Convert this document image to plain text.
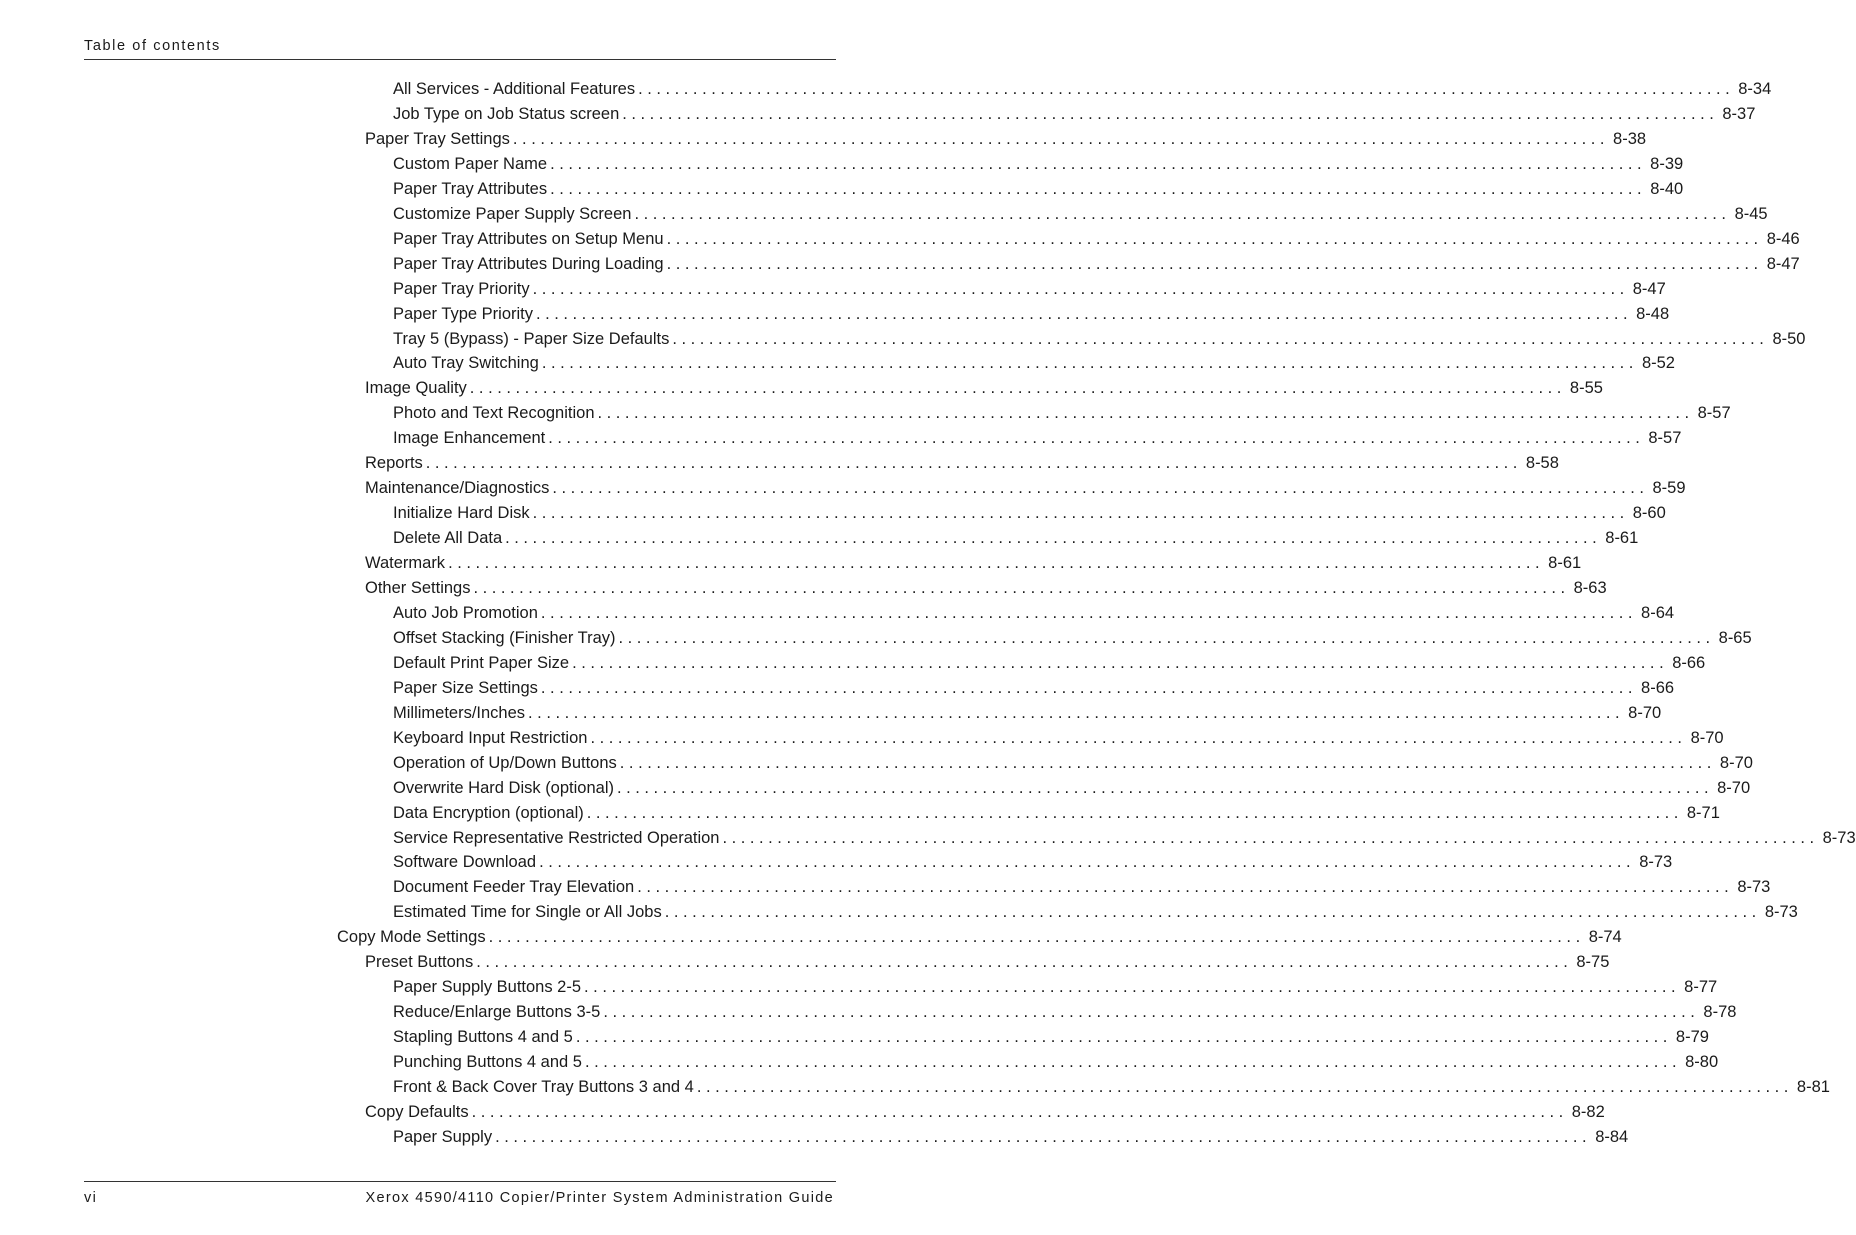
Table of contents
All Services - Additional Features ........................................................................................................................ 8-34
Job Type on Job Status screen ........................................................................................................................ 8-37
Paper Tray Settings ........................................................................................................................ 8-38
Custom Paper Name ........................................................................................................................ 8-39
Paper Tray Attributes ........................................................................................................................ 8-40
Customize Paper Supply Screen ........................................................................................................................ 8-45
Paper Tray Attributes on Setup Menu ........................................................................................................................ 8-46
Paper Tray Attributes During Loading ........................................................................................................................ 8-47
Paper Tray Priority ........................................................................................................................ 8-47
Paper Type Priority ........................................................................................................................ 8-48
Tray 5 (Bypass) - Paper Size Defaults ........................................................................................................................ 8-50
Auto Tray Switching ........................................................................................................................ 8-52
Image Quality ........................................................................................................................ 8-55
Photo and Text Recognition ........................................................................................................................ 8-57
Image Enhancement ........................................................................................................................ 8-57
Reports ........................................................................................................................ 8-58
Maintenance/Diagnostics ........................................................................................................................ 8-59
Initialize Hard Disk ........................................................................................................................ 8-60
Delete All Data ........................................................................................................................ 8-61
Watermark ........................................................................................................................ 8-61
Other Settings ........................................................................................................................ 8-63
Auto Job Promotion ........................................................................................................................ 8-64
Offset Stacking (Finisher Tray) ........................................................................................................................ 8-65
Default Print Paper Size ........................................................................................................................ 8-66
Paper Size Settings ........................................................................................................................ 8-66
Millimeters/Inches ........................................................................................................................ 8-70
Keyboard Input Restriction ........................................................................................................................ 8-70
Operation of Up/Down Buttons ........................................................................................................................ 8-70
Overwrite Hard Disk (optional) ........................................................................................................................ 8-70
Data Encryption (optional) ........................................................................................................................ 8-71
Service Representative Restricted Operation ........................................................................................................................ 8-73
Software Download ........................................................................................................................ 8-73
Document Feeder Tray Elevation ........................................................................................................................ 8-73
Estimated Time for Single or All Jobs ........................................................................................................................ 8-73
Copy Mode Settings ........................................................................................................................ 8-74
Preset Buttons ........................................................................................................................ 8-75
Paper Supply Buttons 2-5 ........................................................................................................................ 8-77
Reduce/Enlarge Buttons 3-5 ........................................................................................................................ 8-78
Stapling Buttons 4 and 5 ........................................................................................................................ 8-79
Punching Buttons 4 and 5 ........................................................................................................................ 8-80
Front & Back Cover Tray Buttons 3 and 4 ........................................................................................................................ 8-81
Copy Defaults ........................................................................................................................ 8-82
Paper Supply ........................................................................................................................ 8-84
vi	Xerox 4590/4110 Copier/Printer System Administration Guide
